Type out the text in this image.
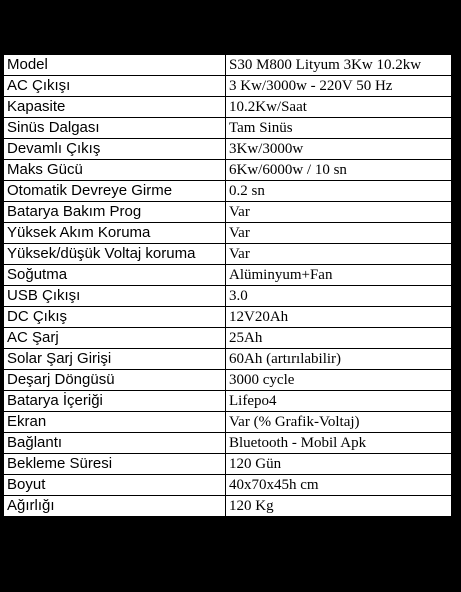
Model	S30 M800 Lityum 3Kw 10.2kw
AC Çıkışı	3 Kw/3000w - 220V 50 Hz
Kapasite	10.2Kw/Saat
Sinüs Dalgası	Tam Sinüs
Devamlı Çıkış	3Kw/3000w
Maks Gücü	6Kw/6000w / 10 sn
Otomatik Devreye Girme	0.2 sn
Batarya Bakım Prog	Var
Yüksek Akım Koruma	Var
Yüksek/düşük Voltaj koruma	Var
Soğutma	Alüminyum+Fan
USB Çıkışı	3.0
DC Çıkış	12V20Ah
AC Şarj	25Ah
Solar Şarj Girişi	60Ah (artırılabilir)
Deşarj Döngüsü	3000 cycle
Batarya İçeriği	Lifepo4
Ekran	Var (% Grafik-Voltaj)
Bağlantı	Bluetooth - Mobil Apk
Bekleme Süresi	120 Gün
Boyut	40x70x45h cm
Ağırlığı	120 Kg
